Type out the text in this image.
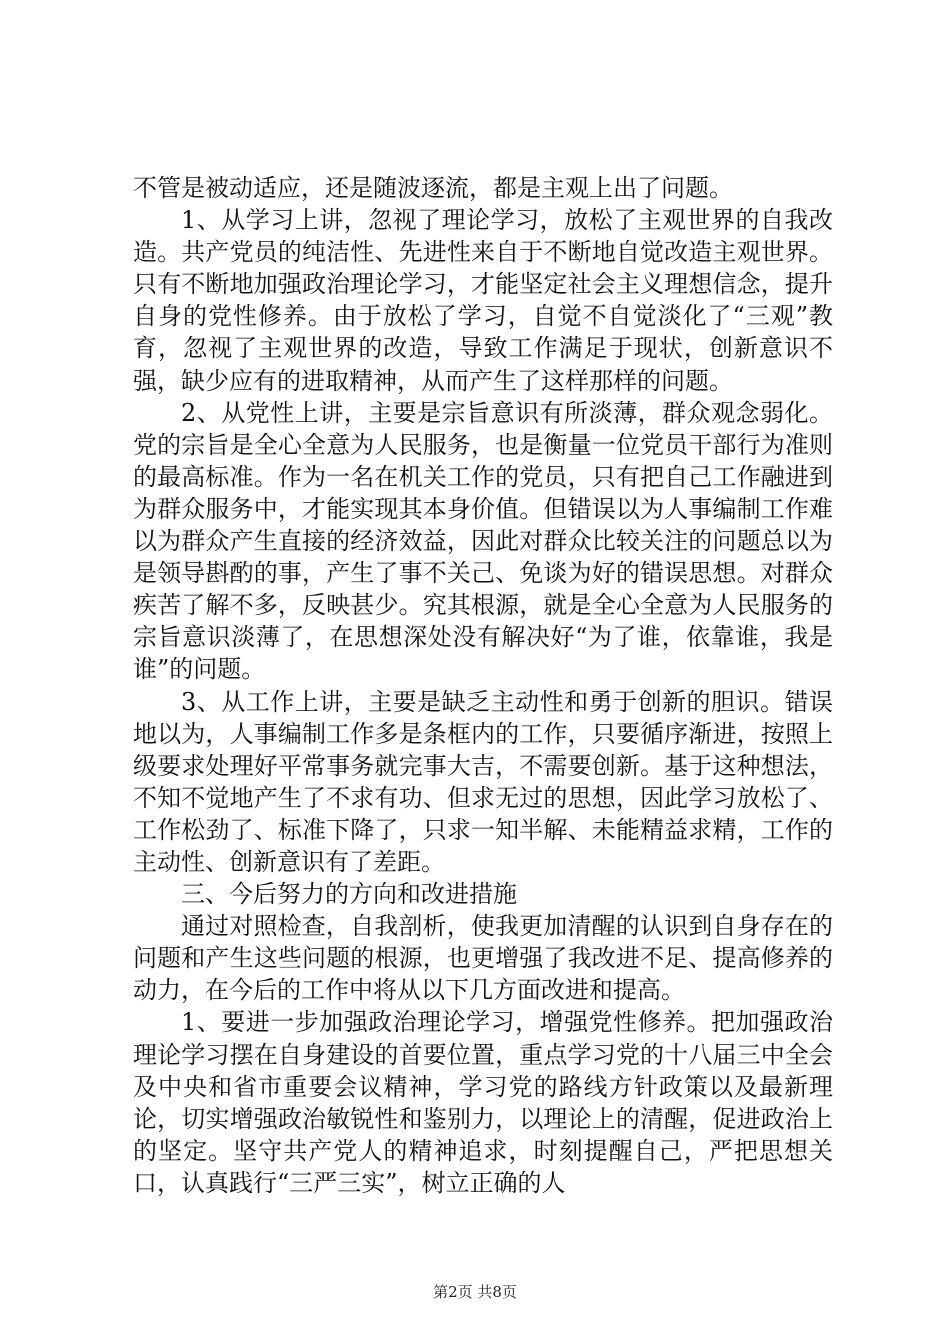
不管是被动适应，还是随波逐流，都是主观上出了问题。

1、从学习上讲，忽视了理论学习，放松了主观世界的自我改造。共产党员的纯洁性、先进性来自于不断地自觉改造主观世界。只有不断地加强政治理论学习，才能坚定社会主义理想信念，提升自身的党性修养。由于放松了学习，自觉不自觉淡化了“三观”教育，忽视了主观世界的改造，导致工作满足于现状，创新意识不强，缺少应有的进取精神，从而产生了这样那样的问题。

2、从党性上讲，主要是宗旨意识有所淡薄，群众观念弱化。党的宗旨是全心全意为人民服务，也是衡量一位党员干部行为准则的最高标准。作为一名在机关工作的党员，只有把自己工作融进到为群众服务中，才能实现其本身价值。但错误以为人事编制工作难以为群众产生直接的经济效益，因此对群众比较关注的问题总以为是领导斟酌的事，产生了事不关己、免谈为好的错误思想。对群众疾苦了解不多，反映甚少。究其根源，就是全心全意为人民服务的宗旨意识淡薄了，在思想深处没有解决好“为了谁，依靠谁，我是谁”的问题。

3、从工作上讲，主要是缺乏主动性和勇于创新的胆识。错误地以为，人事编制工作多是条框内的工作，只要循序渐进，按照上级要求处理好平常事务就完事大吉，不需要创新。基于这种想法，不知不觉地产生了不求有功、但求无过的思想，因此学习放松了、工作松劲了、标准下降了，只求一知半解、未能精益求精，工作的主动性、创新意识有了差距。

三、今后努力的方向和改进措施

通过对照检查，自我剖析，使我更加清醒的认识到自身存在的问题和产生这些问题的根源，也更增强了我改进不足、提高修养的动力，在今后的工作中将从以下几方面改进和提高。

1、要进一步加强政治理论学习，增强党性修养。把加强政治理论学习摆在自身建设的首要位置，重点学习党的十八届三中全会及中央和省市重要会议精神，学习党的路线方针政策以及最新理论，切实增强政治敏锐性和鉴别力，以理论上的清醒，促进政治上的坚定。坚守共产党人的精神追求，时刻提醒自己，严把思想关口，认真践行“三严三实”，树立正确的人

第2页 共8页
